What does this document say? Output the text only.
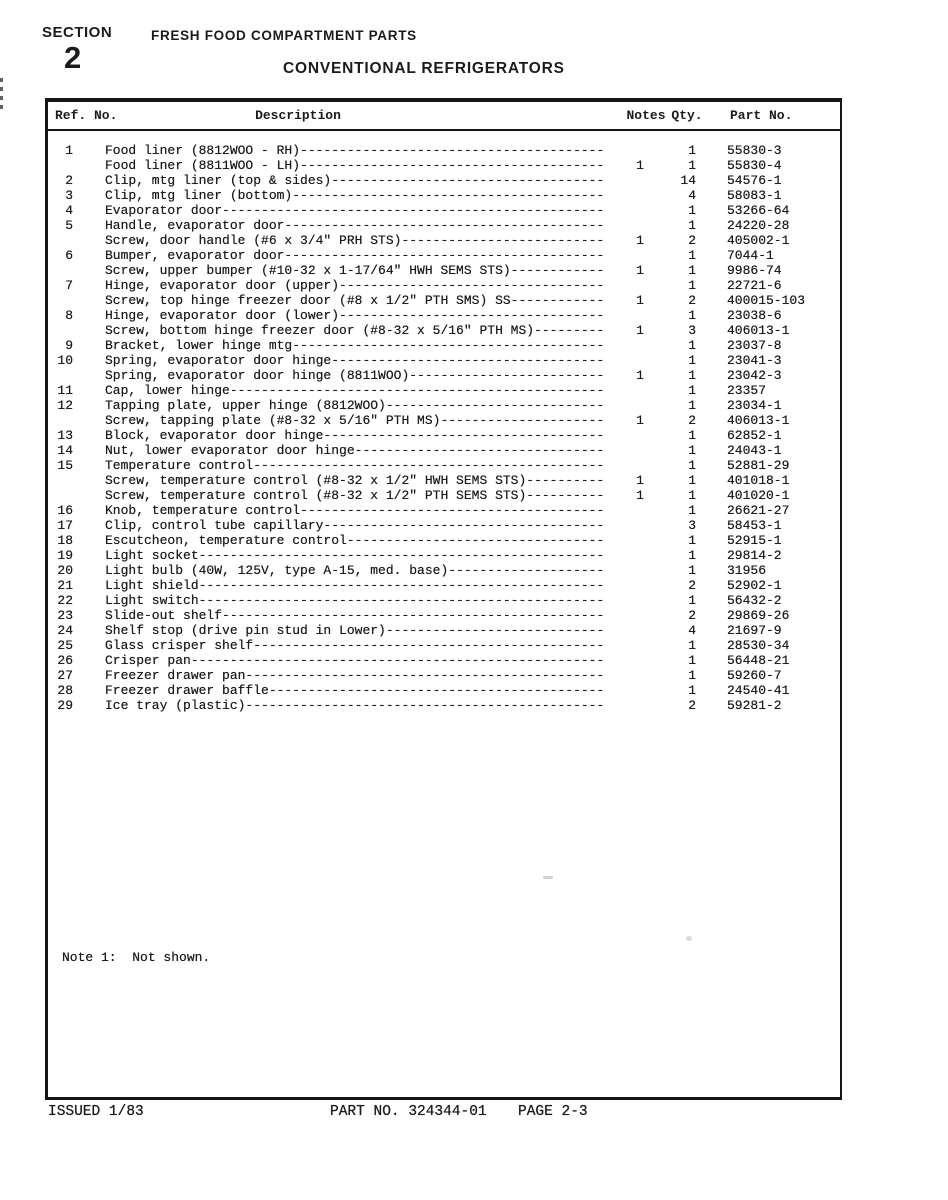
SECTION
2
FRESH FOOD COMPARTMENT PARTS
CONVENTIONAL REFRIGERATORS
Ref. No.	Description	Notes Qty.	Part No.
1 Food liner (8812WOO - RH)---------------------------------------	1 55830-3
Food liner (8811WOO - LH)---------------------------------------	1	1 55830-4
2 Clip, mtg liner (top & sides)-----------------------------------	14 54576-1
3 Clip, mtg liner (bottom)----------------------------------------	4 58083-1
4 Evaporator door-------------------------------------------------	1 53266-64
5 Handle, evaporator door-----------------------------------------	1 24220-28
Screw, door handle (#6 x 3/4" PRH STS)--------------------------	1	2 405002-1
6 Bumper, evaporator door-----------------------------------------	1 7044-1
Screw, upper bumper (#10-32 x 1-17/64" HWH SEMS STS)------------	1	1 9986-74
7 Hinge, evaporator door (upper)----------------------------------	1 22721-6
Screw, top hinge freezer door (#8 x 1/2" PTH SMS) SS------------	1	2 400015-103
8 Hinge, evaporator door (lower)----------------------------------	1 23038-6
Screw, bottom hinge freezer door (#8-32 x 5/16" PTH MS)---------	1	3 406013-1
9 Bracket, lower hinge mtg----------------------------------------	1 23037-8
10 Spring, evaporator door hinge-----------------------------------	1 23041-3
Spring, evaporator door hinge (8811WOO)-------------------------	1	1 23042-3
11 Cap, lower hinge------------------------------------------------	1 23357
12 Tapping plate, upper hinge (8812WOO)----------------------------	1 23034-1
Screw, tapping plate (#8-32 x 5/16" PTH MS)---------------------	1	2 406013-1
13 Block, evaporator door hinge------------------------------------	1 62852-1
14 Nut, lower evaporator door hinge--------------------------------	1 24043-1
15 Temperature control---------------------------------------------	1 52881-29
Screw, temperature control (#8-32 x 1/2" HWH SEMS STS)----------	1	1 401018-1
Screw, temperature control (#8-32 x 1/2" PTH SEMS STS)----------	1	1 401020-1
16 Knob, temperature control---------------------------------------	1 26621-27
17 Clip, control tube capillary------------------------------------	3 58453-1
18 Escutcheon, temperature control---------------------------------	1 52915-1
19 Light socket----------------------------------------------------	1 29814-2
20 Light bulb (40W, 125V, type A-15, med. base)--------------------	1 31956
21 Light shield----------------------------------------------------	2 52902-1
22 Light switch----------------------------------------------------	1 56432-2
23 Slide-out shelf-------------------------------------------------	2 29869-26
24 Shelf stop (drive pin stud in Lower)----------------------------	4 21697-9
25 Glass crisper shelf---------------------------------------------	1 28530-34
26 Crisper pan-----------------------------------------------------	1 56448-21
27 Freezer drawer pan----------------------------------------------	1 59260-7
28 Freezer drawer baffle-------------------------------------------	1 24540-41
29 Ice tray (plastic)----------------------------------------------	2 59281-2
Note 1:  Not shown.
ISSUED 1/83	PART NO. 324344-01 PAGE 2-3
